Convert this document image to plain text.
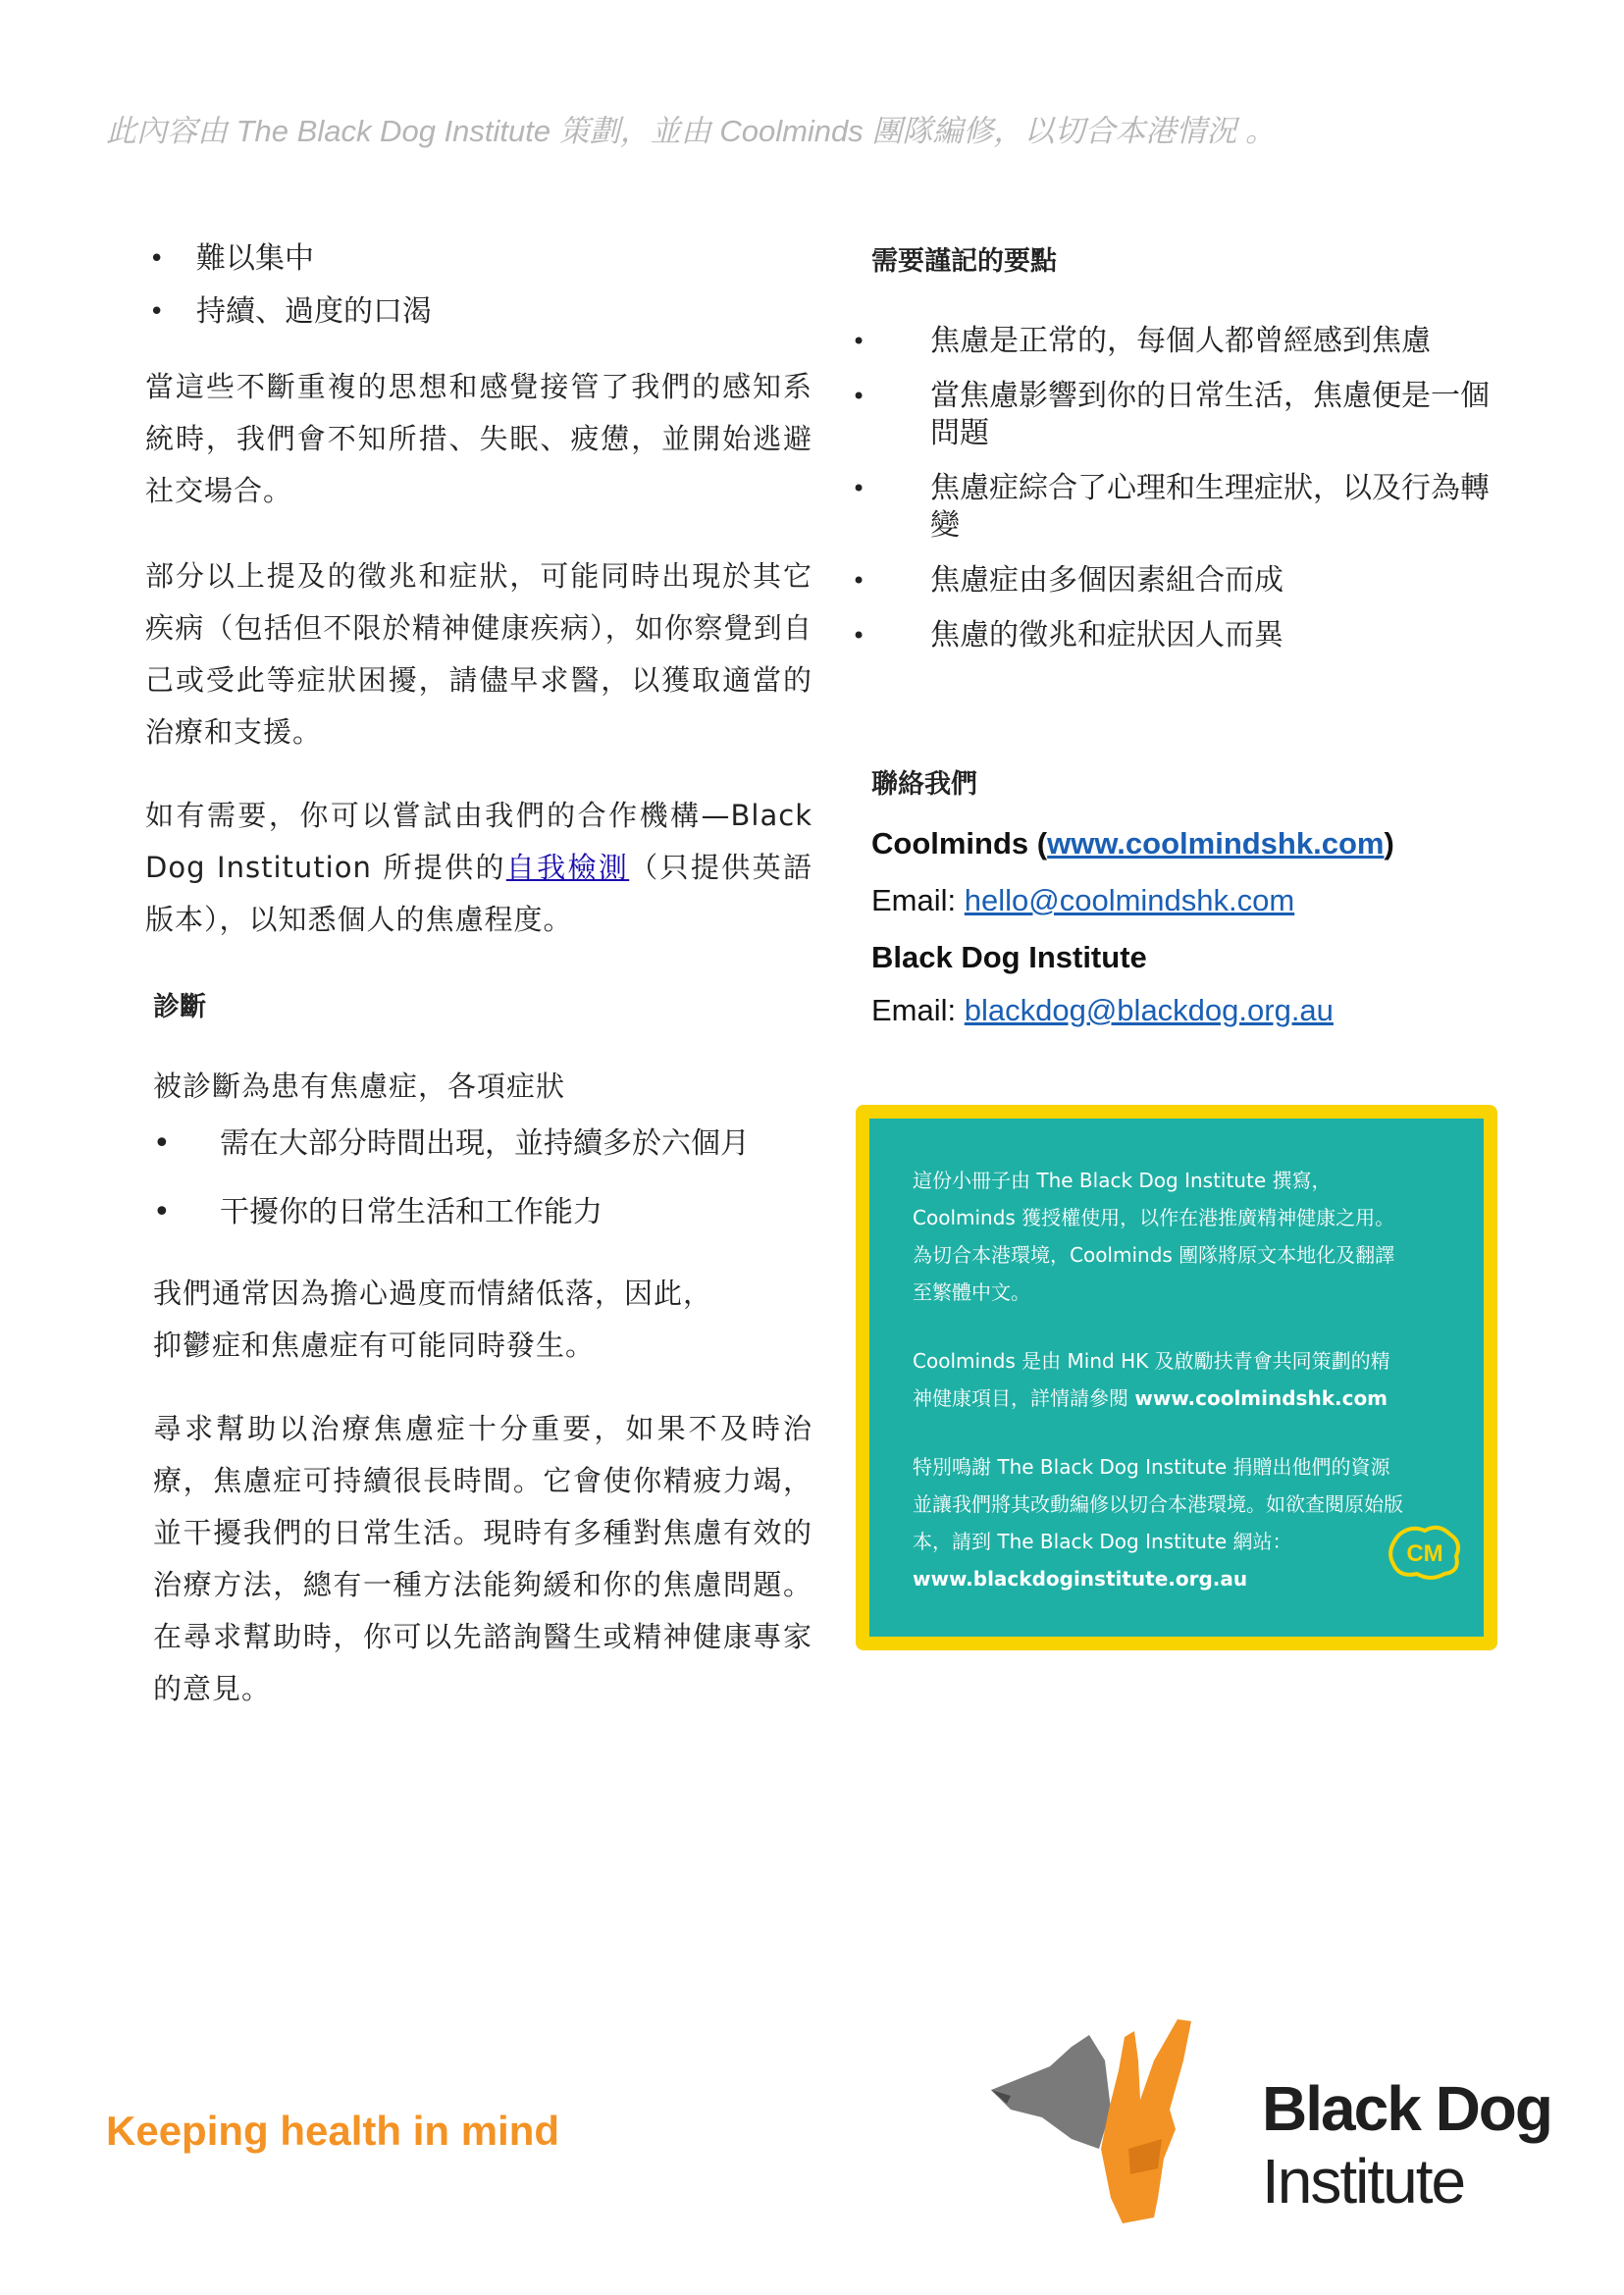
此內容由 The Black Dog Institute 策劃，並由 Coolminds 團隊編修，以切合本港情況 。
• 難以集中
• 持續、過度的口渴

當這些不斷重複的思想和感覺接管了我們的感知系統時，我們會不知所措、失眠、疲憊，並開始逃避社交場合。

部分以上提及的徵兆和症狀，可能同時出現於其它疾病（包括但不限於精神健康疾病），如你察覺到自己或受此等症狀困擾，請儘早求醫，以獲取適當的治療和支援。

如有需要，你可以嘗試由我們的合作機構—Black Dog Institution 所提供的自我檢測（只提供英語版本），以知悉個人的焦慮程度。

診斷

被診斷為患有焦慮症，各項症狀

• 需在大部分時間出現，並持續多於六個月
• 干擾你的日常生活和工作能力

我們通常因為擔心過度而情緒低落，因此，
抑鬱症和焦慮症有可能同時發生。

尋求幫助以治療焦慮症十分重要，如果不及時治療，焦慮症可持續很長時間。它會使你精疲力竭，並干擾我們的日常生活。現時有多種對焦慮有效的治療方法，總有一種方法能夠緩和你的焦慮問題。在尋求幫助時，你可以先諮詢醫生或精神健康專家的意見。

需要謹記的要點

• 焦慮是正常的，每個人都曾經感到焦慮
• 當焦慮影響到你的日常生活，焦慮便是一個問題
• 焦慮症綜合了心理和生理症狀，以及行為轉變
• 焦慮症由多個因素組合而成
• 焦慮的徵兆和症狀因人而異

聯絡我們

Coolminds (www.coolmindshk.com)

Email: hello@coolmindshk.com

Black Dog Institute

Email: blackdog@blackdog.org.au

這份小冊子由 The Black Dog Institute 撰寫，Coolminds 獲授權使用，以作在港推廣精神健康之用。為切合本港環境，Coolminds 團隊將原文本地化及翻譯至繁體中文。

Coolminds 是由 Mind HK 及啟勵扶青會共同策劃的精神健康項目，詳情請參閱 www.coolmindshk.com

特別鳴謝 The Black Dog Institute 捐贈出他們的資源並讓我們將其改動編修以切合本港環境。如欲查閱原始版本，請到 The Black Dog Institute 網站：
www.blackdoginstitute.org.au

CM
Keeping health in mind	Black Dog
Institute
